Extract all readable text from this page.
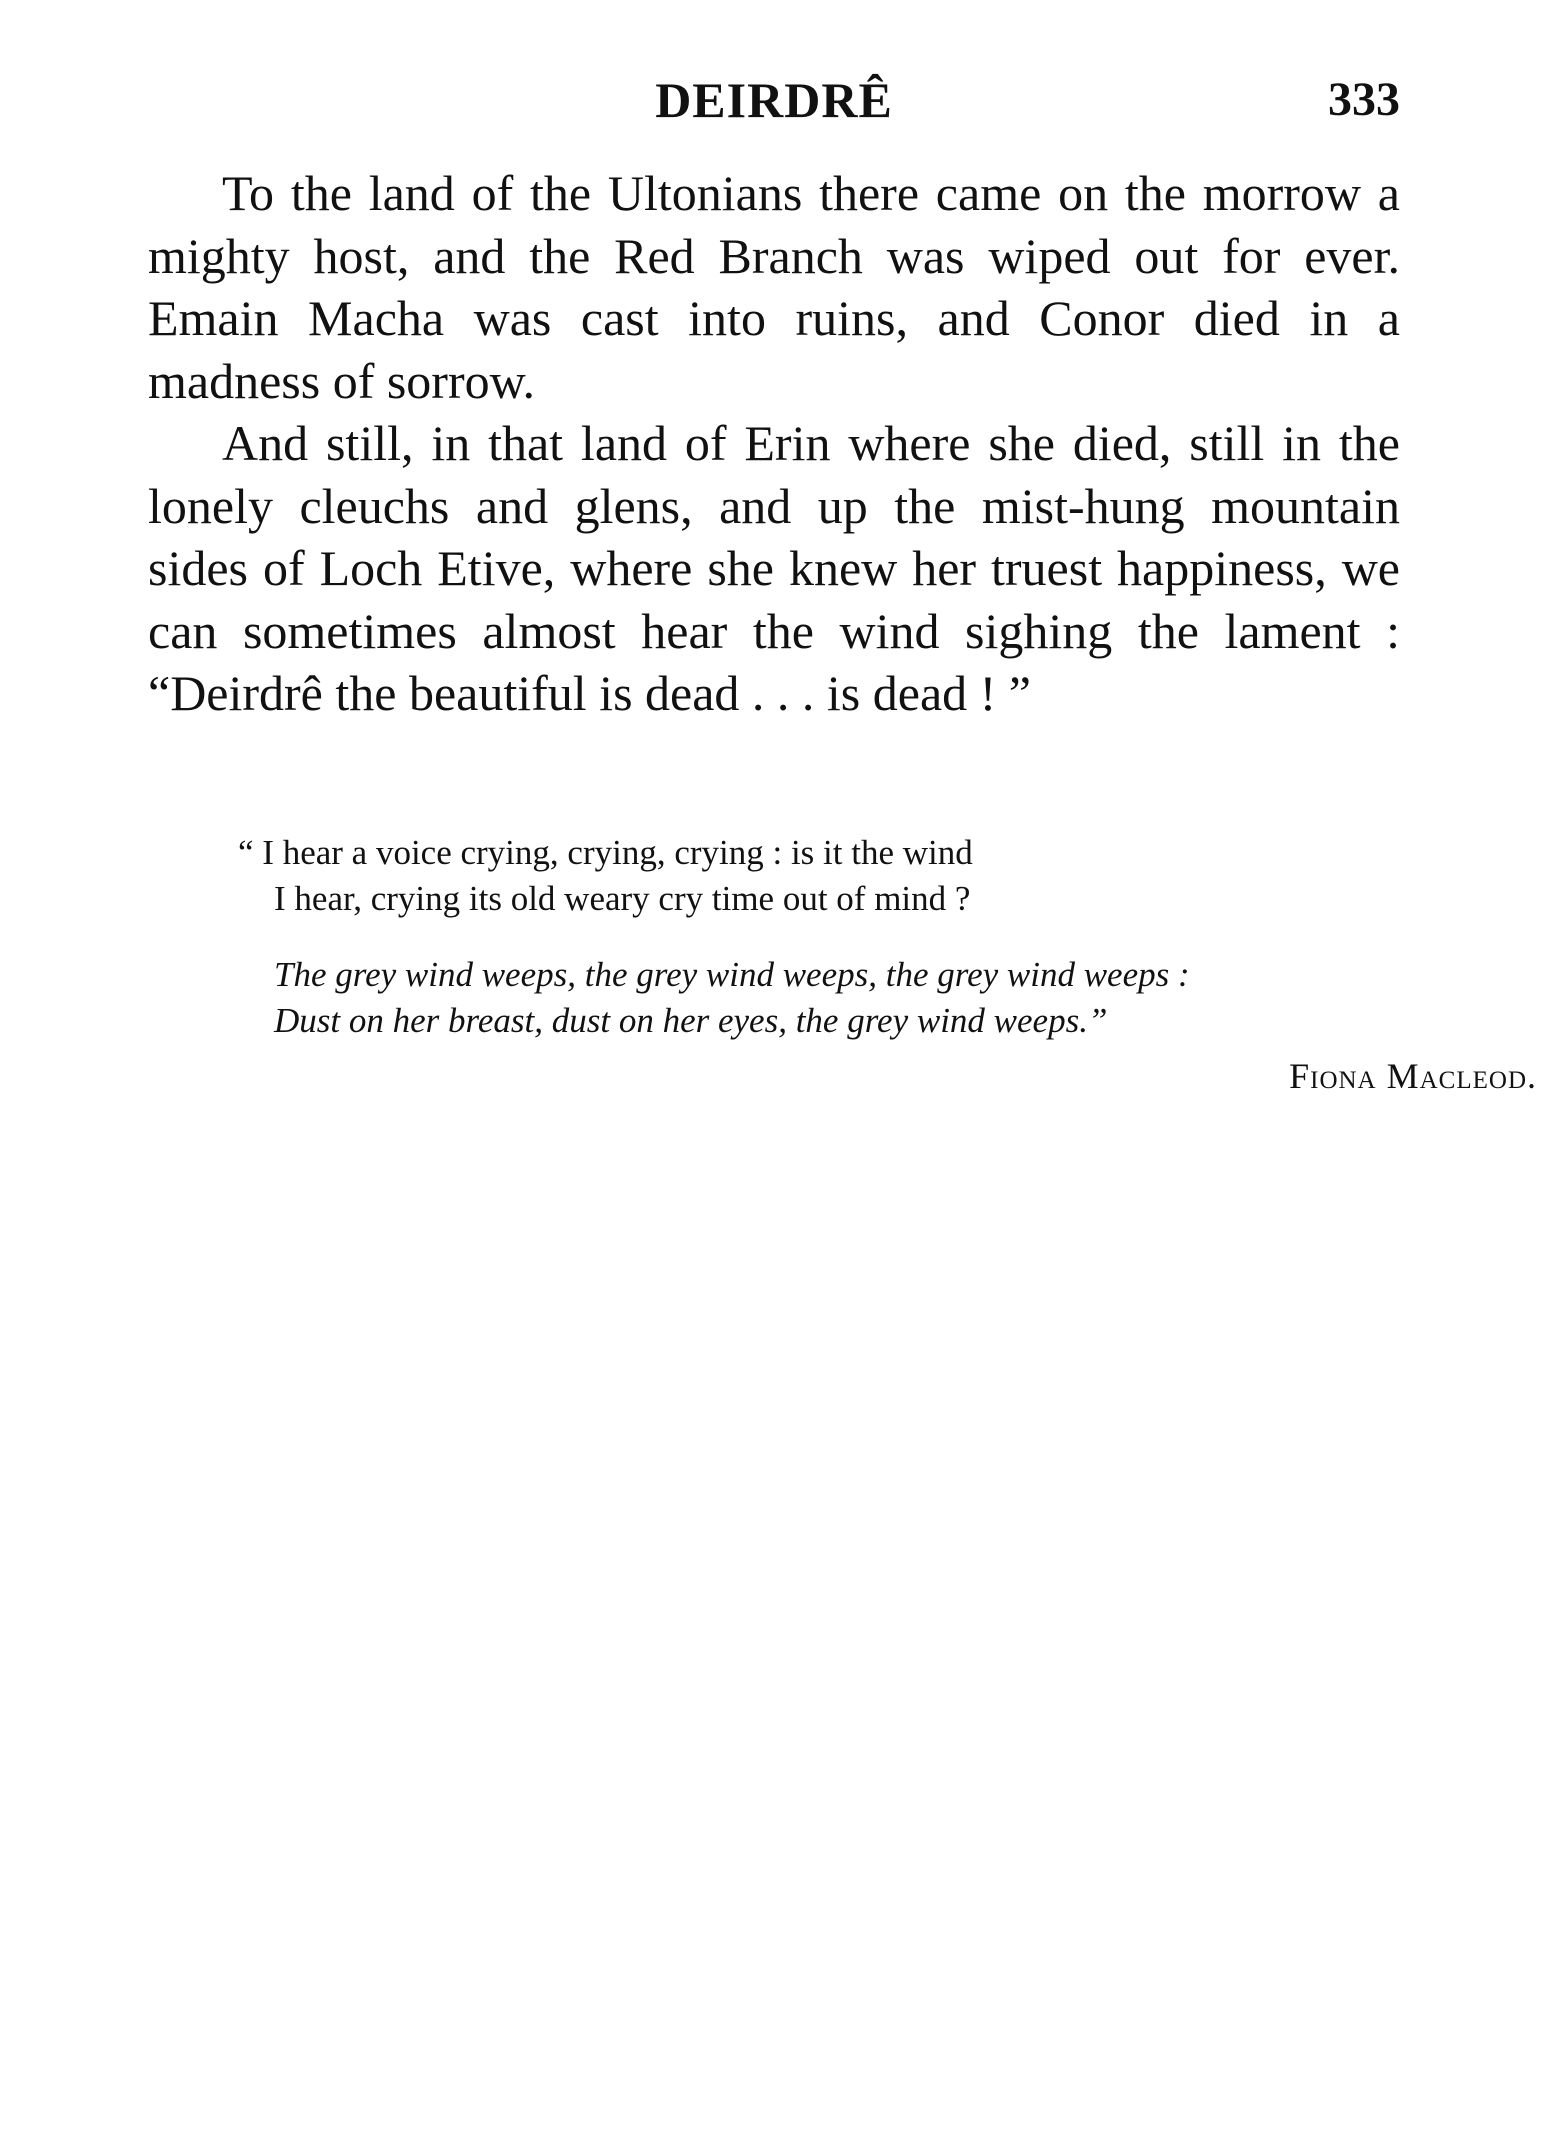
DEIRDRÊ	333

To the land of the Ultonians there came on the morrow a mighty host, and the Red Branch was wiped out for ever. Emain Macha was cast into ruins, and Conor died in a madness of sorrow.

And still, in that land of Erin where she died, still in the lonely cleuchs and glens, and up the mist-hung mountain sides of Loch Etive, where she knew her truest happiness, we can sometimes almost hear the wind sighing the lament : “Deirdrê the beautiful is dead . . . is dead ! ”

“ I hear a voice crying, crying, crying : is it the wind
I hear, crying its old weary cry time out of mind ?
The grey wind weeps, the grey wind weeps, the grey wind weeps :
Dust on her breast, dust on her eyes, the grey wind weeps.”
Fiona Macleod.
